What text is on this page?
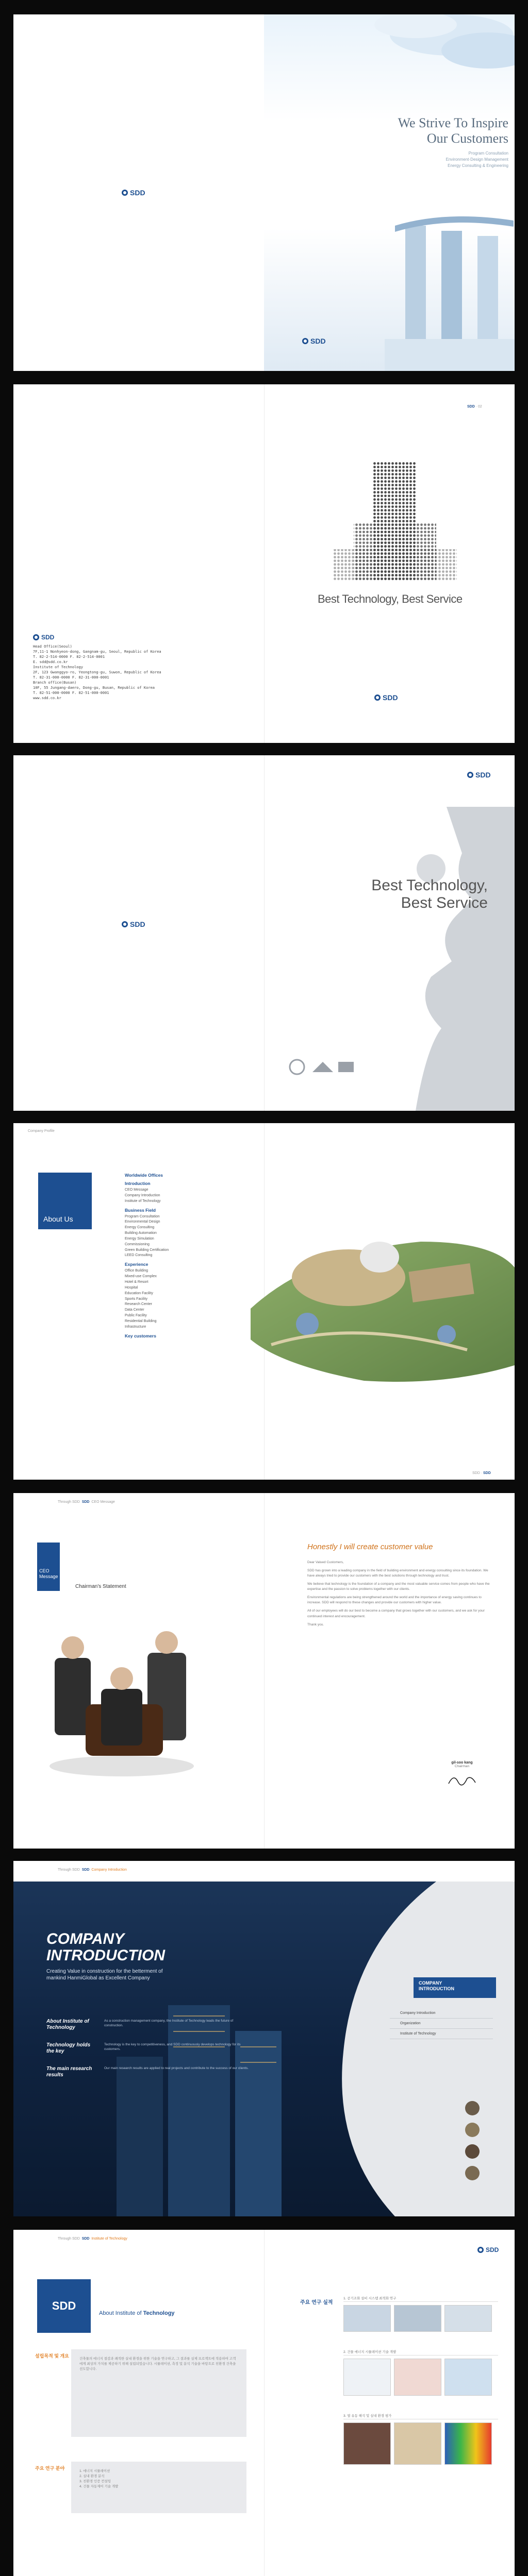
We Strive To Inspire
Our Customers
Program Consultation
Environment·Design Management
Energy Consulting & Engineering
SDD
SDD
SDD · 02
Best Technology, Best Service
SDD
SDD
Head Office(Seoul)
7F,11-1 Nonhyeon-dong, Gangnam-gu, Seoul, Republic of Korea
T. 82-2-514-0000 F. 82-2-514-0001
E. sdd@sdd.co.kr
Institute of Technology
2F, 123 Gwanggyo-ro, Yeongtong-gu, Suwon, Republic of Korea
T. 82-31-000-0000 F. 82-31-000-0001
Branch office(Busan)
10F, 55 Jungang-daero, Dong-gu, Busan, Republic of Korea
T. 82-51-000-0000 F. 82-51-000-0001
www.sdd.co.kr
SDD
Best Technology,
Best Service
SDD
Company Profile
About Us
Worldwide Offices
Introduction
CEO Message
Company Introduction
Institute of Technology
Business Field
Program Consultation
Environmental Design
Energy Consulting
Building Automation
Energy Simulation
Commissioning
Green Building Certification
LEED Consulting
Experience
Office Building
Mixed-use Complex
Hotel & Resort
Hospital
Education Facility
Sports Facility
Research Center
Data Center
Public Facility
Residential Building
Infrastructure
Key customers
SDD · SDD
Through SDD SDD CEO Message
CEO
Message
Chairman's Statement
Honestly I will create customer value
Dear Valued Customers,

SDD has grown into a leading company in the field of building environment and energy consulting since its foundation. We have always tried to provide our customers with the best solutions through technology and trust.

We believe that technology is the foundation of a company and the most valuable service comes from people who have the expertise and the passion to solve problems together with our clients.

Environmental regulations are being strengthened around the world and the importance of energy saving continues to increase. SDD will respond to these changes and provide our customers with higher value.

All of our employees will do our best to become a company that grows together with our customers, and we ask for your continued interest and encouragement.

Thank you.
gil-soo kang
Chairman
Through SDD SDD Company Introduction
COMPANY
INTRODUCTION
Creating Value in construction for the betterment of
mankind HanmiGlobal as Excellent Company
About Institute of Technology
As a construction management company, the Institute of Technology leads the future of construction.
Technology holds the key
Technology is the key to competitiveness, and SDD continuously develops technology for its customers.
The main research results
Our main research results are applied to real projects and contribute to the success of our clients.
COMPANY
INTRODUCTION
Company Introduction
Organization
Institute of Technology
Through SDD SDD Institute of Technology
SDD
SDD
About Institute of Technology
설립목적 및 개요
건축물의 에너지 절감과 쾌적한 실내 환경을 위한 기술을 연구하고, 그 결과를 실제 프로젝트에 적용하여 고객에게 최상의 가치를 제공하기 위해 설립되었습니다. 시뮬레이션, 측정 및 분석 기술을 바탕으로 친환경 건축을 선도합니다.
주요 연구 분야
1. 에너지 시뮬레이션
2. 실내 환경 분석
3. 친환경 인증 컨설팅
4. 건물 자동제어 기술 개발
주요 연구 실적
1. 공기조화 설비 시스템 최적화 연구
2. 건물 에너지 시뮬레이션 기술 개발
3. 열 유동 해석 및 실내 환경 평가
